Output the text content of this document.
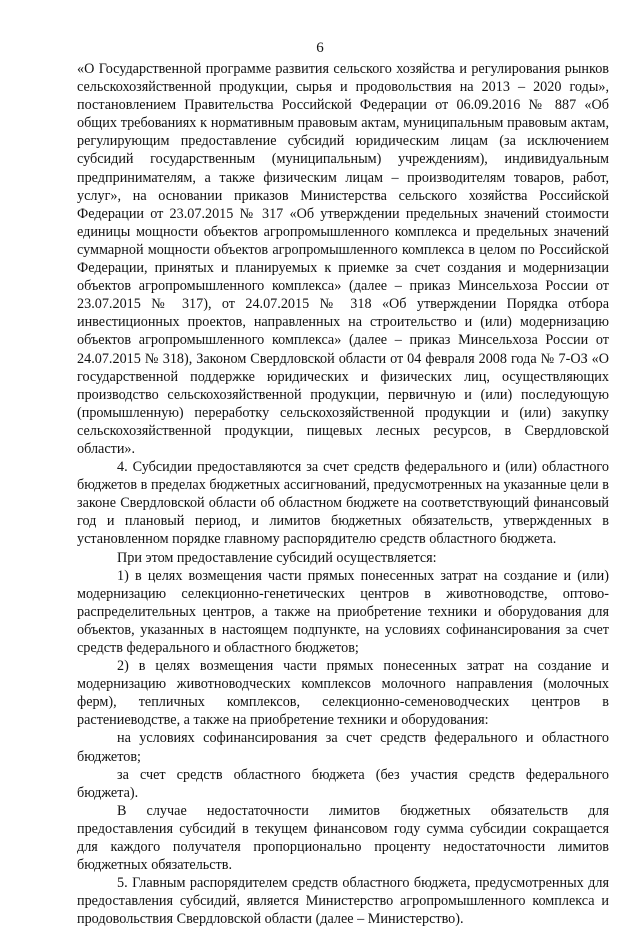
6

«О Государственной программе развития сельского хозяйства и регулирования рынков сельскохозяйственной продукции, сырья и продовольствия на 2013 – 2020 годы», постановлением Правительства Российской Федерации от 06.09.2016 № 887 «Об общих требованиях к нормативным правовым актам, муниципальным правовым актам, регулирующим предоставление субсидий юридическим лицам (за исключением субсидий государственным (муниципальным) учреждениям), индивидуальным предпринимателям, а также физическим лицам – производителям товаров, работ, услуг», на основании приказов Министерства сельского хозяйства Российской Федерации от 23.07.2015 № 317 «Об утверждении предельных значений стоимости единицы мощности объектов агропромышленного комплекса и предельных значений суммарной мощности объектов агропромышленного комплекса в целом по Российской Федерации, принятых и планируемых к приемке за счет создания и модернизации объектов агропромышленного комплекса» (далее – приказ Минсельхоза России от 23.07.2015 № 317), от 24.07.2015 № 318 «Об утверждении Порядка отбора инвестиционных проектов, направленных на строительство и (или) модернизацию объектов агропромышленного комплекса» (далее – приказ Минсельхоза России от 24.07.2015 № 318), Законом Свердловской области от 04 февраля 2008 года № 7-ОЗ «О государственной поддержке юридических и физических лиц, осуществляющих производство сельскохозяйственной продукции, первичную и (или) последующую (промышленную) переработку сельскохозяйственной продукции и (или) закупку сельскохозяйственной продукции, пищевых лесных ресурсов, в Свердловской области».

4. Субсидии предоставляются за счет средств федерального и (или) областного бюджетов в пределах бюджетных ассигнований, предусмотренных на указанные цели в законе Свердловской области об областном бюджете на соответствующий финансовый год и плановый период, и лимитов бюджетных обязательств, утвержденных в установленном порядке главному распорядителю средств областного бюджета.

При этом предоставление субсидий осуществляется:

1) в целях возмещения части прямых понесенных затрат на создание и (или) модернизацию селекционно-генетических центров в животноводстве, оптово-распределительных центров, а также на приобретение техники и оборудования для объектов, указанных в настоящем подпункте, на условиях софинансирования за счет средств федерального и областного бюджетов;

2) в целях возмещения части прямых понесенных затрат на создание и модернизацию животноводческих комплексов молочного направления (молочных ферм), тепличных комплексов, селекционно-семеноводческих центров в растениеводстве, а также на приобретение техники и оборудования:

на условиях софинансирования за счет средств федерального и областного бюджетов;

за счет средств областного бюджета (без участия средств федерального бюджета).

В случае недостаточности лимитов бюджетных обязательств для предоставления субсидий в текущем финансовом году сумма субсидии сокращается для каждого получателя пропорционально проценту недостаточности лимитов бюджетных обязательств.

5. Главным распорядителем средств областного бюджета, предусмотренных для предоставления субсидий, является Министерство агропромышленного комплекса и продовольствия Свердловской области (далее – Министерство).
